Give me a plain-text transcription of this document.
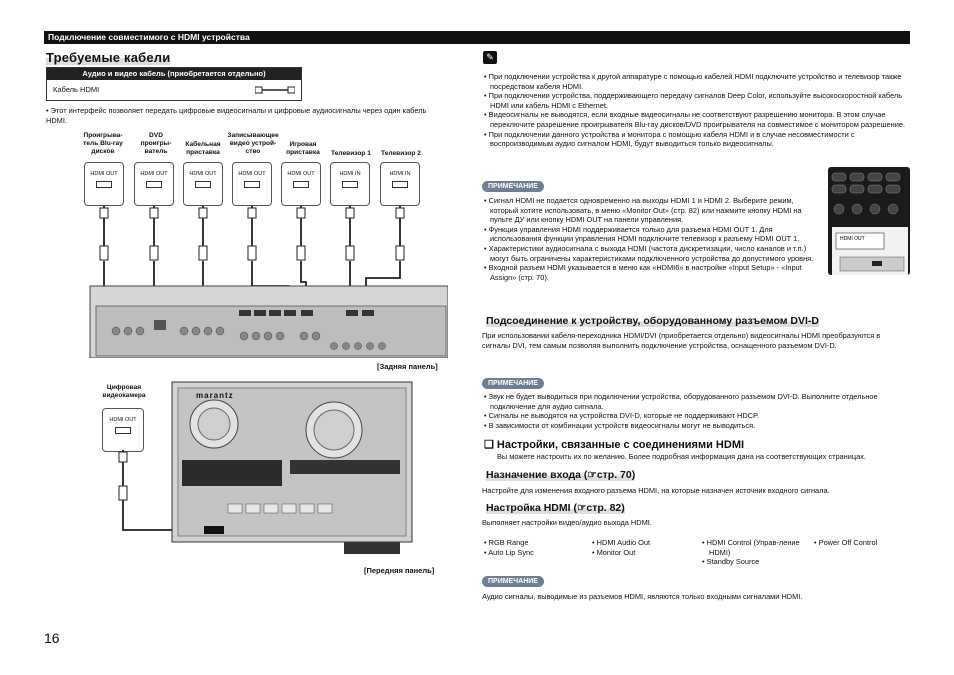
Подключение совместимого с HDMI устройства
Требуемые кабели
Аудио и видео кабель (приобретается отдельно)
Кабель HDMI
• Этот интерфейс позволяет передать цифровые видеосигналы и цифровые аудиосигналы через один кабель HDMI.
Проигрыва-тель Blu-ray дисков
DVD проигры-ватель
Кабельная приставка
Записывающее видео устрой-ство
Игровая приставка	Телевизор 1	Телевизор 2
HDMI OUT	HDMI OUT	HDMI OUT	HDMI OUT	HDMI OUT	HDMI IN	HDMI IN
[Задняя панель]
Цифровая видеокамера
HDMI OUT
marantz
[Передняя панель]
✎

• При подключении устройства к другой аппаратуре с помощью кабелей HDMI подключите устройство и телевизор также посредством кабеля HDMI.

• При подключении устройства, поддерживающего передачу сигналов Deep Color, используйте высокоскоростной кабель HDMI или кабель HDMI с Ethernet.

• Видеосигналы не выводятся, если входные видеосигналы не соответствуют разрешению монитора. В этом случае переключите разрешение проигрывателя Blu-ray дисков/DVD проигрывателя на совместимое с монитором разрешение.

• При подключении данного устройства и монитора с помощью кабеля HDMI и в случае несовместимости с воспроизводимым аудио сигналом HDMI, будут выводиться только видеосигналы.

ПРИМЕЧАНИЕ

• Сигнал HDMI не подается одновременно на выходы HDMI 1 и HDMI 2. Выберите режим, который хотите использовать, в меню «Monitor Out» (стр. 82) или нажмите кнопку HDMI на пульте ДУ или кнопку HDMI OUT на панели управления.

• Функция управления HDMI поддерживается только для разъема HDMI OUT 1. Для использования функции управления HDMI подключите телевизор к разъему HDMI OUT 1.

• Характеристики аудиосигнала с выхода HDMI (частота дискретизации, число каналов и т.п.) могут быть ограничены характеристиками подключенного устройства до допустимого уровня.

• Входной разъем HDMI указывается в меню как «HDMI6» в настройке «Input Setup» - «Input Assign» (стр. 70).

HDMI OUT
Подсоединение к устройству, оборудованному разъемом DVI-D
При использовании кабеля-переходника HDMI/DVI (приобретается отдельно) видеосигналы HDMI преобразуются в сигналы DVI, тем самым позволяя выполнить подключение устройства, оснащенного разъемом DVI-D.
ПРИМЕЧАНИЕ

• Звук не будет выводиться при подключении устройства, оборудованного разъемом DVI-D. Выполните отдельное подключение для аудио сигнала.

• Сигналы не выводятся на устройства DVI-D, которые не поддерживают HDCP.

• В зависимости от комбинации устройств видеосигналы могут не выводиться.

❑ Настройки, связанные с соединениями HDMI
Вы можете настроить их по желанию. Более подробная информация дана на соответствующих страницах.
Назначение входа (☞стр. 70)
Настройте для изменения входного разъема HDMI, на которые назначен источник входного сигнала.
Настройка HDMI (☞стр. 82)
Выполняет настройки видео/аудио выхода HDMI.
• RGB Range
• Auto Lip Sync
• HDMI Audio Out
• Monitor Out
• HDMI Control (Управ-ление HDMI)
• Standby Source
• Power Off Control
ПРИМЕЧАНИЕ
Аудио сигналы, выводимые из разъемов HDMI, являются только входными сигналами HDMI.
16
